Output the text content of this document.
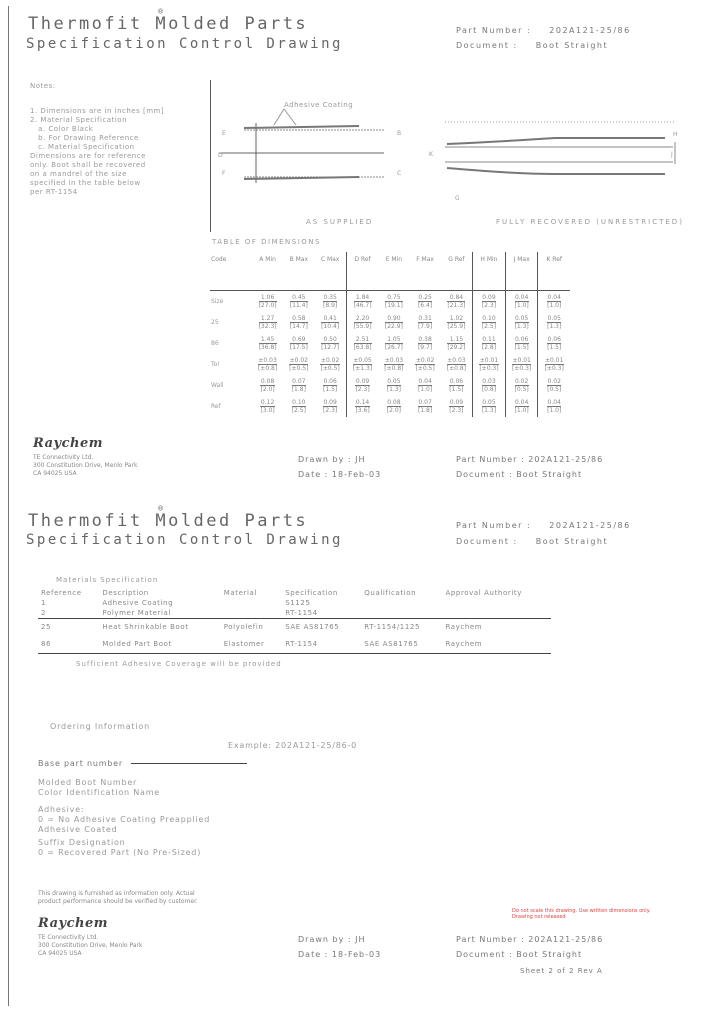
Thermofit Molded Parts®
Specification Control Drawing
Part Number : 202A121-25/86
Document : Boot Straight
Notes:

1. Dimensions are in inches [mm]
2. Material Specification
a. Color Black
b. For Drawing Reference
c. Material Specification
Dimensions are for reference
only. Boot shall be recovered
on a mandrel of the size
specified in the table below
per RT-1154

E
D
F
B
C
Adhesive Coating
AS SUPPLIED
H
J
K
G
FULLY RECOVERED (UNRESTRICTED)
TABLE OF DIMENSIONS
Code	A Min	B Max	C Max	D Ref	E Min	F Max	G Ref	H Min	J Max	K Ref
Size	$\frac{1.06}{[27.0]}$	$\frac{0.45}{[11.4]}$	$\frac{0.35}{[8.9]}$	$\frac{1.84}{[46.7]}$	$\frac{0.75}{[19.1]}$	$\frac{0.25}{[6.4]}$	$\frac{0.84}{[21.3]}$	$\frac{0.09}{[2.3]}$	$\frac{0.04}{[1.0]}$	$\frac{0.04}{[1.0]}$

25	$\frac{1.27}{[32.3]}$	$\frac{0.58}{[14.7]}$	$\frac{0.41}{[10.4]}$	$\frac{2.20}{[55.9]}$	$\frac{0.90}{[22.9]}$	$\frac{0.31}{[7.9]}$	$\frac{1.02}{[25.9]}$	$\frac{0.10}{[2.5]}$	$\frac{0.05}{[1.3]}$	$\frac{0.05}{[1.3]}$

86	$\frac{1.45}{[36.8]}$	$\frac{0.69}{[17.5]}$	$\frac{0.50}{[12.7]}$	$\frac{2.51}{[63.8]}$	$\frac{1.05}{[26.7]}$	$\frac{0.38}{[9.7]}$	$\frac{1.15}{[29.2]}$	$\frac{0.11}{[2.8]}$	$\frac{0.06}{[1.5]}$	$\frac{0.06}{[1.5]}$

Tol	$\frac{\pm 0.03}{[\pm 0.8]}$	$\frac{\pm 0.02}{[\pm 0.5]}$	$\frac{\pm 0.02}{[\pm 0.5]}$	$\frac{\pm 0.05}{[\pm 1.3]}$	$\frac{\pm 0.03}{[\pm 0.8]}$	$\frac{\pm 0.02}{[\pm 0.5]}$	$\frac{\pm 0.03}{[\pm 0.8]}$	$\frac{\pm 0.01}{[\pm 0.3]}$	$\frac{\pm 0.01}{[\pm 0.3]}$	$\frac{\pm 0.01}{[\pm 0.3]}$

Wall	$\frac{0.08}{[2.0]}$	$\frac{0.07}{[1.8]}$	$\frac{0.06}{[1.5]}$	$\frac{0.09}{[2.3]}$	$\frac{0.05}{[1.3]}$	$\frac{0.04}{[1.0]}$	$\frac{0.06}{[1.5]}$	$\frac{0.03}{[0.8]}$	$\frac{0.02}{[0.5]}$	$\frac{0.02}{[0.5]}$

Ref	$\frac{0.12}{[3.0]}$	$\frac{0.10}{[2.5]}$	$\frac{0.09}{[2.3]}$	$\frac{0.14}{[3.6]}$	$\frac{0.08}{[2.0]}$	$\frac{0.07}{[1.8]}$	$\frac{0.09}{[2.3]}$	$\frac{0.05}{[1.3]}$	$\frac{0.04}{[1.0]}$	$\frac{0.04}{[1.0]}$
Raychem
TE Connectivity Ltd.
300 Constitution Drive, Menlo Park
CA 94025 USA
Drawn by : JH
Date : 18-Feb-03
Part Number : 202A121-25/86
Document : Boot Straight
Thermofit Molded Parts®
Specification Control Drawing
Part Number : 202A121-25/86
Document : Boot Straight
Materials Specification
Reference	Description	Material	Specification	Qualification	Approval Authority
1	Adhesive Coating		S1125		
2	Polymer Material		RT-1154		
25	Heat Shrinkable Boot	Polyolefin	SAE AS81765	RT-1154/1125	Raychem
86	Molded Part Boot	Elastomer	RT-1154	SAE AS81765	Raychem
Sufficient Adhesive Coverage will be provided
Ordering Information
Example: 202A121-25/86-0
Base part number
Molded Boot Number
Color Identification Name
Adhesive:
0 = No Adhesive Coating Preapplied
Adhesive Coated
Suffix Designation
0 = Recovered Part (No Pre-Sized)
This drawing is furnished as information only. Actual
product performance should be verified by customer.
Do not scale this drawing. Use written dimensions only.
Drawing not released
Raychem
TE Connectivity Ltd.
300 Constitution Drive, Menlo Park
CA 94025 USA
Drawn by : JH
Date : 18-Feb-03
Part Number : 202A121-25/86
Document : Boot Straight
Sheet 2 of 2 Rev A
